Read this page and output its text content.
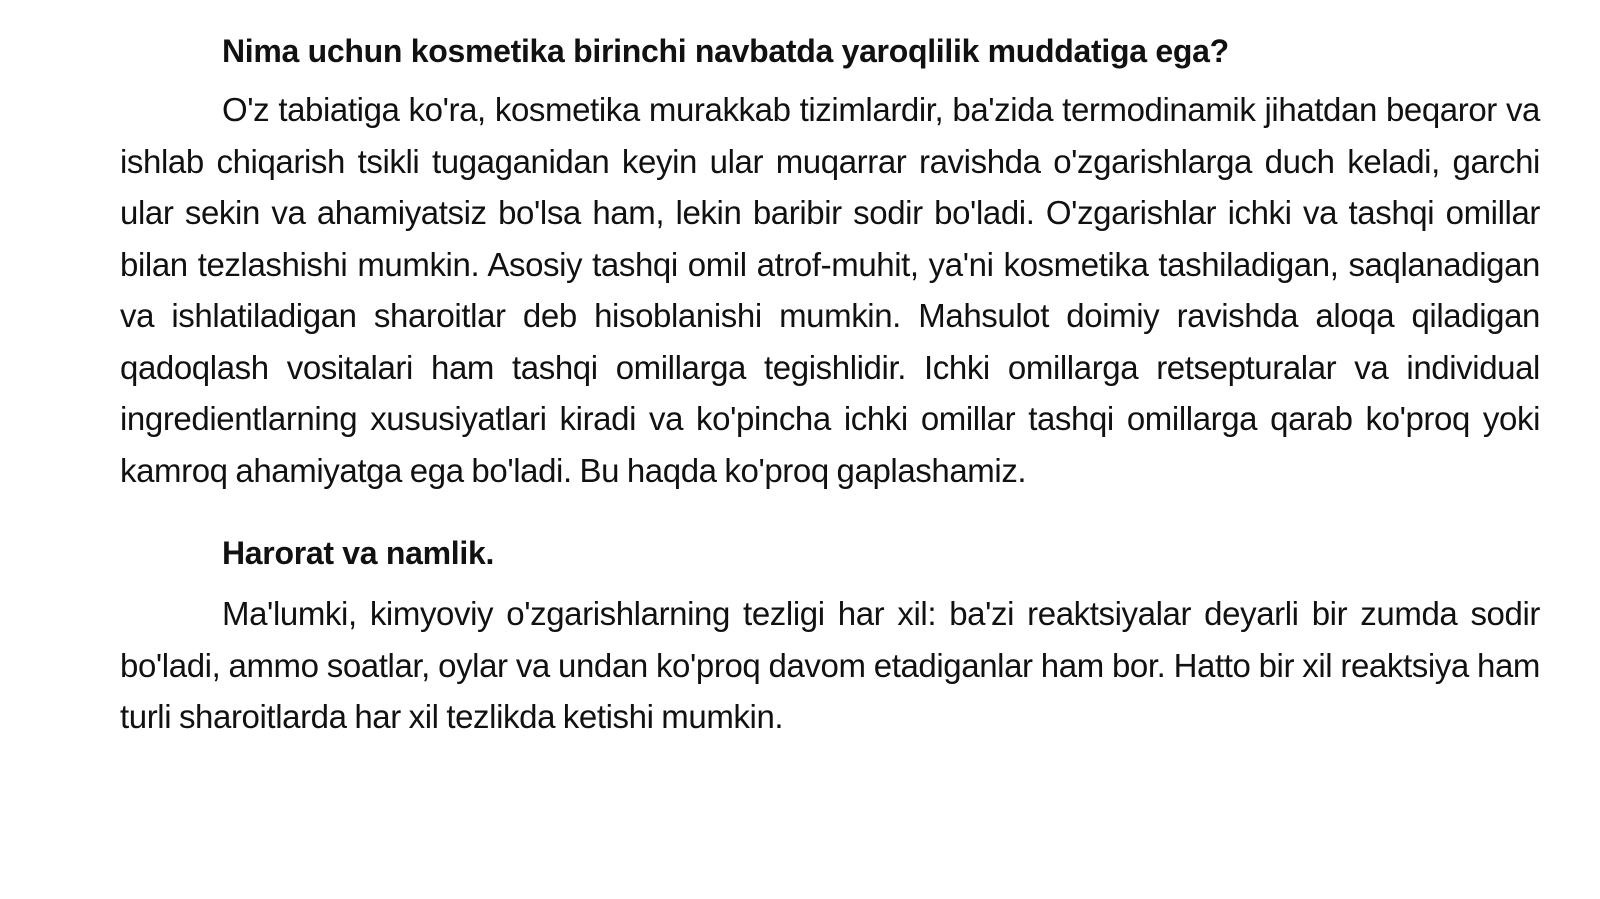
Nima uchun kosmetika birinchi navbatda yaroqlilik muddatiga ega?

O'z tabiatiga ko'ra, kosmetika murakkab tizimlardir, ba'zida termodinamik jihatdan beqaror va ishlab chiqarish tsikli tugaganidan keyin ular muqarrar ravishda o'zgarishlarga duch keladi, garchi ular sekin va ahamiyatsiz bo'lsa ham, lekin baribir sodir bo'ladi. O'zgarishlar ichki va tashqi omillar bilan tezlashishi mumkin. Asosiy tashqi omil atrof-muhit, ya'ni kosmetika tashiladigan, saqlanadigan va ishlatiladigan sharoitlar deb hisoblanishi mumkin. Mahsulot doimiy ravishda aloqa qiladigan qadoqlash vositalari ham tashqi omillarga tegishlidir. Ichki omillarga retsepturalar va individual ingredientlarning xususiyatlari kiradi va ko'pincha ichki omillar tashqi omillarga qarab ko'proq yoki kamroq ahamiyatga ega bo'ladi. Bu haqda ko'proq gaplashamiz.

Harorat va namlik.

Ma'lumki, kimyoviy o'zgarishlarning tezligi har xil: ba'zi reaktsiyalar deyarli bir zumda sodir bo'ladi, ammo soatlar, oylar va undan ko'proq davom etadiganlar ham bor. Hatto bir xil reaktsiya ham turli sharoitlarda har xil tezlikda ketishi mumkin.
